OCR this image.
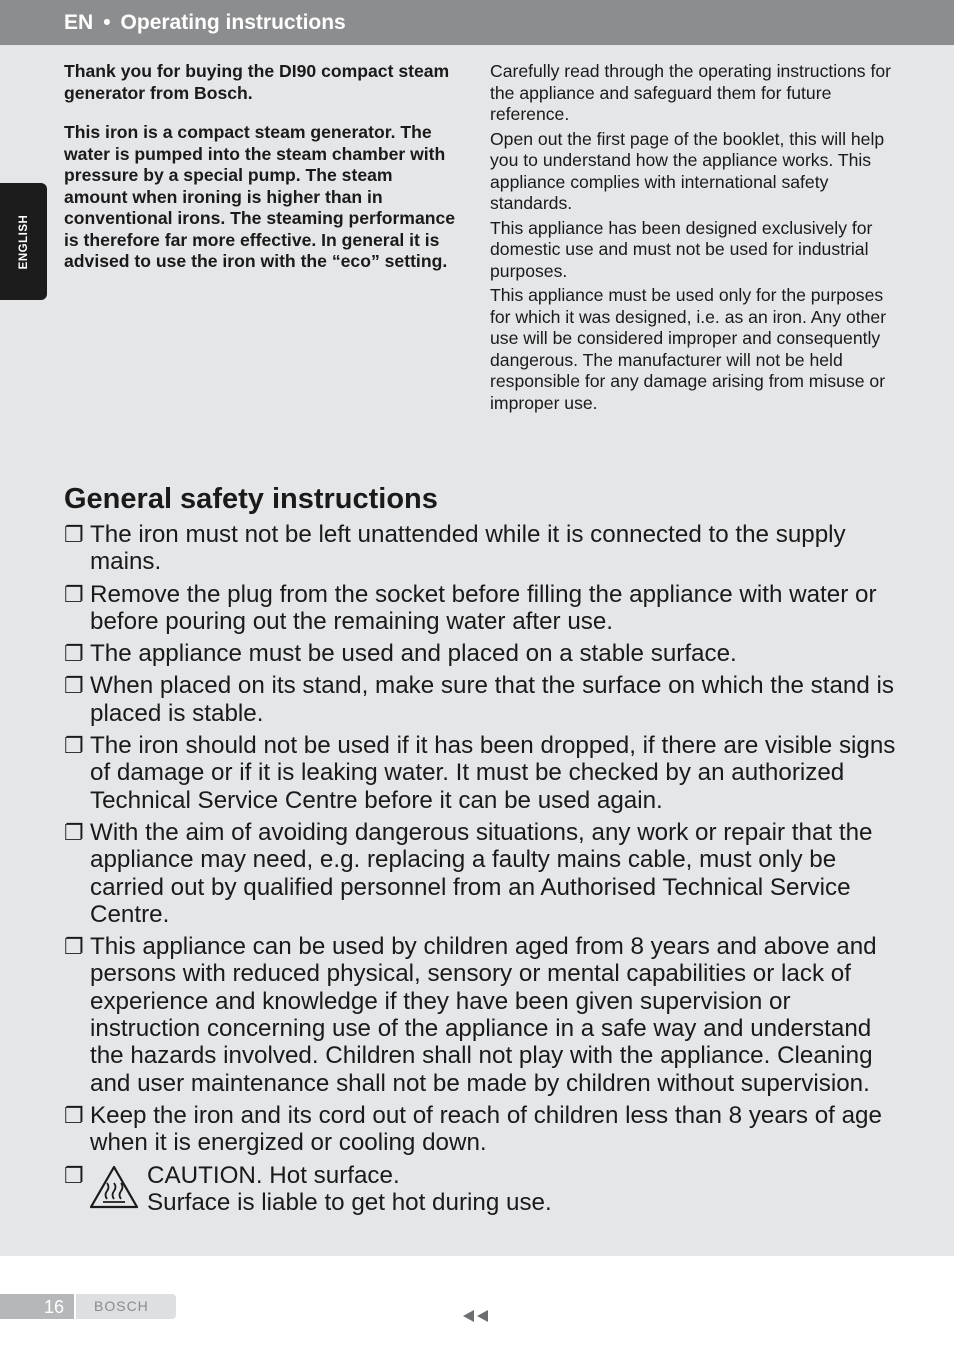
EN • Operating instructions
ENGLISH

Thank you for buying the DI90 compact steam generator from Bosch.

This iron is a compact steam generator. The water is pumped into the steam chamber with pressure by a special pump. The steam amount when ironing is higher than in conventional irons. The steaming performance is therefore far more effective. In general it is advised to use the iron with the “eco” setting.

Carefully read through the operating instructions for the appliance and safeguard them for future reference.

Open out the first page of the booklet, this will help you to understand how the appliance works. This appliance complies with international safety standards.

This appliance has been designed exclusively for domestic use and must not be used for industrial purposes.

This appliance must be used only for the purposes for which it was designed, i.e. as an iron. Any other use will be considered improper and consequently dangerous. The manufacturer will not be held responsible for any damage arising from misuse or improper use.

General safety instructions
❐ The iron must not be left unattended while it is connected to the supply mains.
❐ Remove the plug from the socket before filling the appliance with water or before pouring out the remaining water after use.
❐ The appliance must be used and placed on a stable surface.
❐ When placed on its stand, make sure that the surface on which the stand is placed is stable.
❐ The iron should not be used if it has been dropped, if there are visible signs of damage or if it is leaking water. It must be checked by an authorized Technical Service Centre before it can be used again.
❐ With the aim of avoiding dangerous situations, any work or repair that the appliance may need, e.g. replacing a faulty mains cable, must only be carried out by qualified personnel from an Authorised Technical Service Centre.
❐ This appliance can be used by children aged from 8 years and above and persons with reduced physical, sensory or mental capabilities or lack of experience and knowledge if they have been given supervision or instruction concerning use of the appliance in a safe way and understand the hazards involved. Children shall not play with the appliance. Cleaning and user maintenance shall not be made by children without supervision.
❐ Keep the iron and its cord out of reach of children less than 8 years of age when it is energized or cooling down.
❐	CAUTION. Hot surface.
Surface is liable to get hot during use.
16	BOSCH
